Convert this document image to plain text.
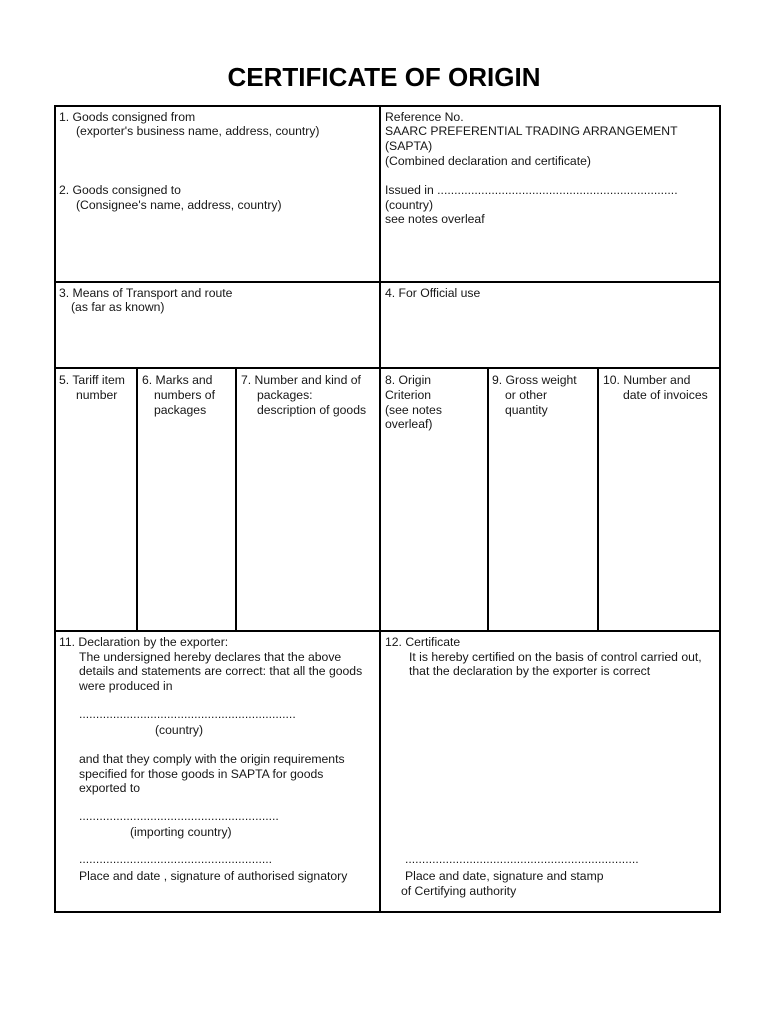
CERTIFICATE OF ORIGIN
1. Goods consigned from
(exporter's business name, address, country)
2. Goods consigned to
(Consignee's name, address, country)
Reference No.
SAARC PREFERENTIAL TRADING ARRANGEMENT
(SAPTA)
(Combined declaration and certificate)
Issued in .......................................................................
(country)
see notes overleaf
3. Means of Transport and route
(as far as known)
4. For Official use
5. Tariff item
number
6. Marks and
numbers of
packages
7. Number and kind of
packages:
description of goods
8. Origin
Criterion
(see notes
overleaf)
9. Gross weight
or other
quantity
10. Number and
date of invoices
11. Declaration by the exporter:
The undersigned hereby declares that the above
details and statements are correct: that all the goods
were produced in
................................................................
(country)
and that they comply with the origin requirements
specified for those goods in SAPTA for goods
exported to
...........................................................
(importing country)
.........................................................
Place and date , signature of authorised signatory
12. Certificate
It is hereby certified on the basis of control carried out,
that the declaration by the exporter is correct
.....................................................................
Place and date, signature and stamp
of Certifying authority
